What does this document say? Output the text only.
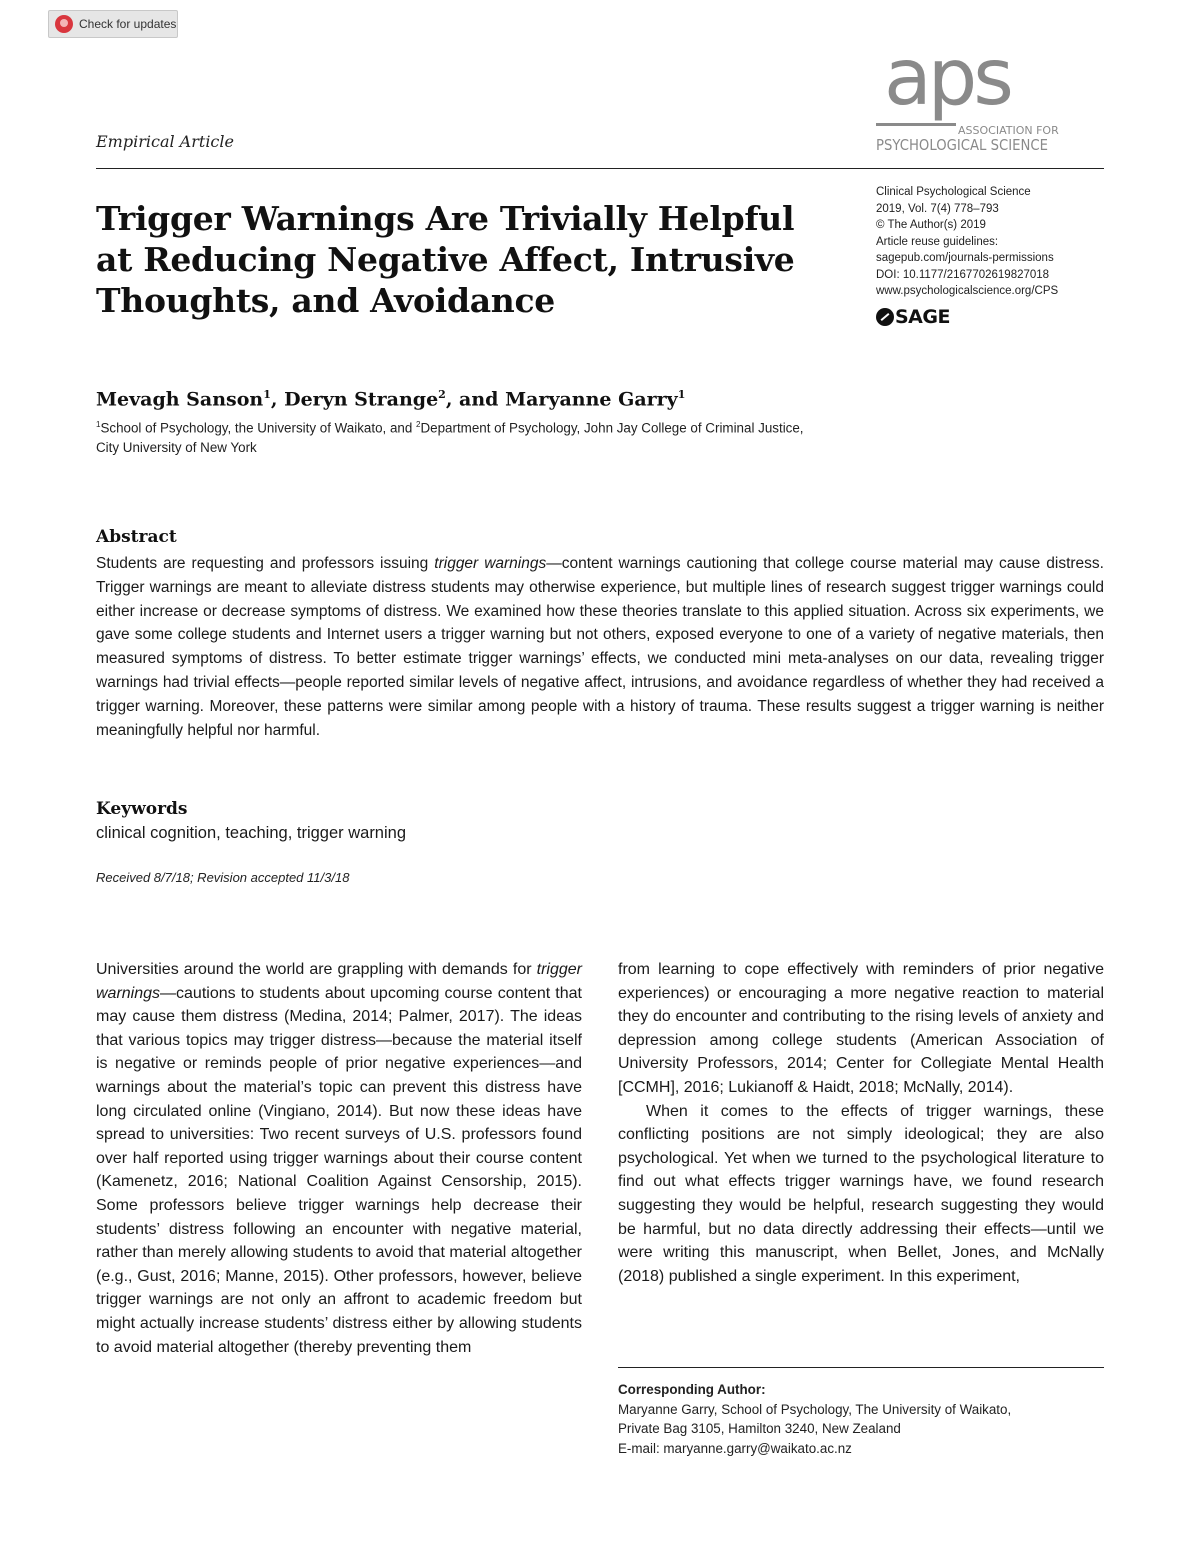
Check for updates
Empirical Article
aps
ASSOCIATION FOR
PSYCHOLOGICAL SCIENCE
Trigger Warnings Are Trivially Helpful at Reducing Negative Affect, Intrusive Thoughts, and Avoidance
Clinical Psychological Science
2019, Vol. 7(4) 778–793
© The Author(s) 2019
Article reuse guidelines:
sagepub.com/journals-permissions
DOI: 10.1177/2167702619827018
www.psychologicalscience.org/CPS
SAGE
Mevagh Sanson$^1$, Deryn Strange$^2$, and Maryanne Garry$^1$
$^1$School of Psychology, the University of Waikato, and $^2$Department of Psychology, John Jay College of Criminal Justice, City University of New York
Abstract

Students are requesting and professors issuing trigger warnings—content warnings cautioning that college course material may cause distress. Trigger warnings are meant to alleviate distress students may otherwise experience, but multiple lines of research suggest trigger warnings could either increase or decrease symptoms of distress. We examined how these theories translate to this applied situation. Across six experiments, we gave some college students and Internet users a trigger warning but not others, exposed everyone to one of a variety of negative materials, then measured symptoms of distress. To better estimate trigger warnings’ effects, we conducted mini meta-analyses on our data, revealing trigger warnings had trivial effects—people reported similar levels of negative affect, intrusions, and avoidance regardless of whether they had received a trigger warning. Moreover, these patterns were similar among people with a history of trauma. These results suggest a trigger warning is neither meaningfully helpful nor harmful.

Keywords
clinical cognition, teaching, trigger warning
Received 8/7/18; Revision accepted 11/3/18

Universities around the world are grappling with demands for trigger warnings—cautions to students about upcoming course content that may cause them distress (Medina, 2014; Palmer, 2017). The ideas that various topics may trigger distress—because the material itself is negative or reminds people of prior negative experiences—and warnings about the material’s topic can prevent this distress have long circulated online (Vingiano, 2014). But now these ideas have spread to universities: Two recent surveys of U.S. professors found over half reported using trigger warnings about their course content (Kamenetz, 2016; National Coalition Against Censorship, 2015). Some professors believe trigger warnings help decrease their students’ distress following an encounter with negative material, rather than merely allowing students to avoid that material altogether (e.g., Gust, 2016; Manne, 2015). Other professors, however, believe trigger warnings are not only an affront to academic freedom but might actually increase students’ distress either by allowing students to avoid material altogether (thereby preventing them

from learning to cope effectively with reminders of prior negative experiences) or encouraging a more negative reaction to material they do encounter and contributing to the rising levels of anxiety and depression among college students (American Association of University Professors, 2014; Center for Collegiate Mental Health [CCMH], 2016; Lukianoff & Haidt, 2018; McNally, 2014).

When it comes to the effects of trigger warnings, these conflicting positions are not simply ideological; they are also psychological. Yet when we turned to the psychological literature to find out what effects trigger warnings have, we found research suggesting they would be helpful, research suggesting they would be harmful, but no data directly addressing their effects—until we were writing this manuscript, when Bellet, Jones, and McNally (2018) published a single experiment. In this experiment,

Corresponding Author:
Maryanne Garry, School of Psychology, The University of Waikato,
Private Bag 3105, Hamilton 3240, New Zealand
E-mail: maryanne.garry@waikato.ac.nz
